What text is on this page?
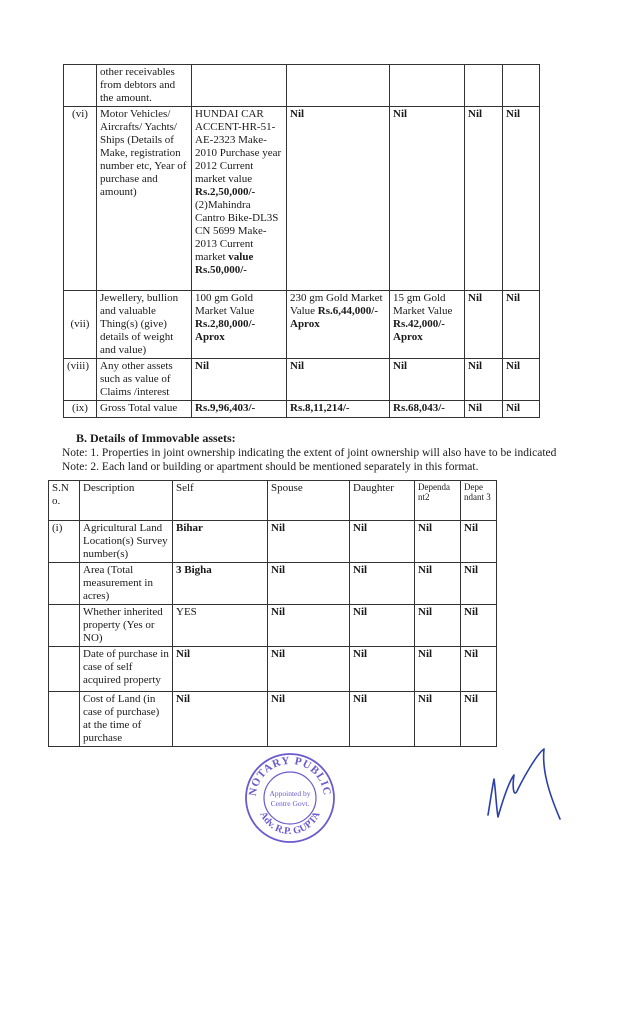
	other receivables from debtors and the amount.					
(vi)	Motor Vehicles/ Aircrafts/ Yachts/ Ships (Details of Make, registration number etc, Year of purchase and amount)	HUNDAI CAR ACCENT-HR-51-AE-2323 Make-2010 Purchase year 2012 Current market value Rs.2,50,000/- (2)Mahindra Cantro Bike-DL3S CN 5699 Make-2013 Current market value Rs.50,000/-	Nil	Nil	Nil	Nil
(vii)	Jewellery, bullion and valuable Thing(s) (give) details of weight and value)	100 gm Gold Market Value Rs.2,80,000/- Aprox	230 gm Gold Market Value Rs.6,44,000/- Aprox	15 gm Gold Market Value Rs.42,000/- Aprox	Nil	Nil
(viii)	Any other assets such as value of Claims /interest	Nil	Nil	Nil	Nil	Nil
(ix)	Gross Total value	Rs.9,96,403/-	Rs.8,11,214/-	Rs.68,043/-	Nil	Nil
B. Details of Immovable assets:
Note: 1. Properties in joint ownership indicating the extent of joint ownership will also have to be indicated
Note: 2. Each land or building or apartment should be mentioned separately in this format.
S.N o.	Description	Self	Spouse	Daughter	Dependa nt2	Depe ndant 3
(i)	Agricultural Land Location(s) Survey number(s)	Bihar	Nil	Nil	Nil	Nil
	Area (Total measurement in acres)	3 Bigha	Nil	Nil	Nil	Nil
	Whether inherited property (Yes or NO)	YES	Nil	Nil	Nil	Nil
	Date of purchase in case of self acquired property	Nil	Nil	Nil	Nil	Nil
	Cost of Land (in case of purchase) at the time of purchase	Nil	Nil	Nil	Nil	Nil
NOTARY PUBLIC
Adv. R.P. GUPTA
Appointed by
Centre Govt.
